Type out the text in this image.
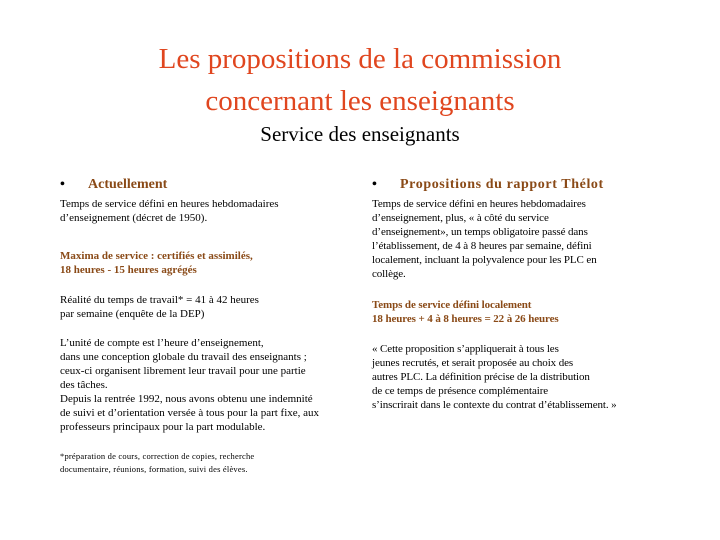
Les propositions de la commission
concernant les enseignants
Service des enseignants
• Actuellement

Temps de service défini en heures hebdomadaires
d’enseignement (décret de 1950).

Maxima de service : certifiés et assimilés,
18 heures - 15 heures agrégés

Réalité du temps de travail* = 41 à 42 heures
par semaine (enquête de la DEP)

L’unité de compte est l’heure d’enseignement,
dans une conception globale du travail des enseignants ;
ceux-ci organisent librement leur travail pour une partie
des tâches.
Depuis la rentrée 1992, nous avons obtenu une indemnité
de suivi et d’orientation versée à tous pour la part fixe, aux
professeurs principaux pour la part modulable.

*préparation de cours, correction de copies, recherche
documentaire, réunions, formation, suivi des élèves.

• Propositions du rapport Thélot

Temps de service défini en heures hebdomadaires
d’enseignement, plus, « à côté du service
d’enseignement», un temps obligatoire passé dans
l’établissement, de 4 à 8 heures par semaine, défini
localement, incluant la polyvalence pour les PLC en
collège.

Temps de service défini localement
18 heures + 4 à 8 heures = 22 à 26 heures

« Cette proposition s’appliquerait à tous les
jeunes recrutés, et serait proposée au choix des
autres PLC. La définition précise de la distribution
de ce temps de présence complémentaire
s’inscrirait dans le contexte du contrat d’établissement. »
